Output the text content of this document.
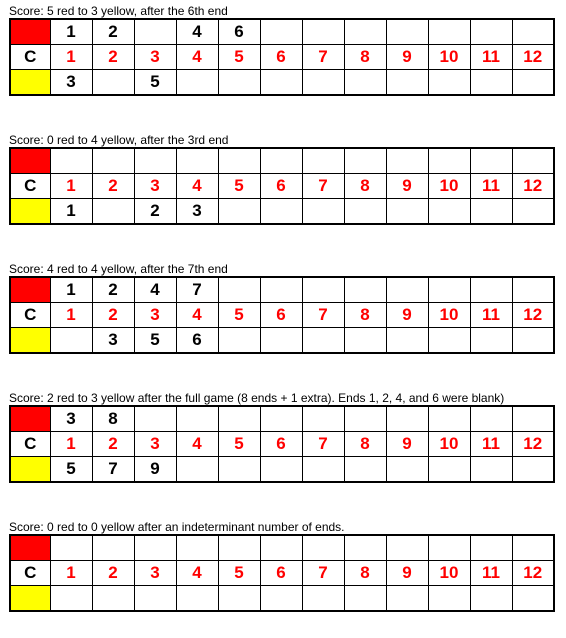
Score: 5 red to 3 yellow, after the 6th end
	1	2		4	6							
C	1	2	3	4	5	6	7	8	9	10	11	12
	3		5									
Score: 0 red to 4 yellow, after the 3rd end

C	1	2	3	4	5	6	7	8	9	10	11	12
	1		2	3								
Score: 4 red to 4 yellow, after the 7th end
	1	2	4	7								
C	1	2	3	4	5	6	7	8	9	10	11	12
		3	5	6								
Score: 2 red to 3 yellow after the full game (8 ends + 1 extra). Ends 1, 2, 4, and 6 were blank)
	3	8										
C	1	2	3	4	5	6	7	8	9	10	11	12
	5	7	9									
Score: 0 red to 0 yellow after an indeterminant number of ends.

C	1	2	3	4	5	6	7	8	9	10	11	12
